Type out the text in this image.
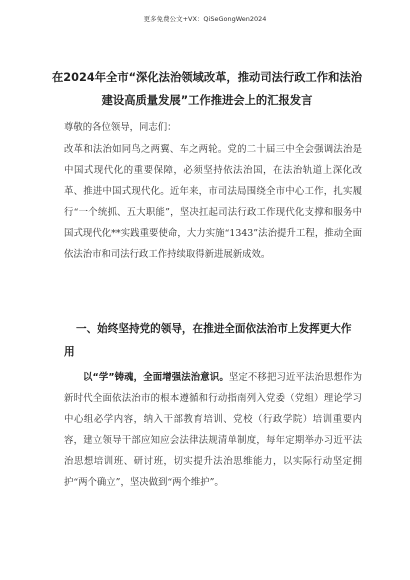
更多免费公文+VX：QiSeGongWen2024
在2024年全市“深化法治领域改革，推动司法行政工作和法治建设高质量发展”工作推进会上的汇报发言
尊敬的各位领导，同志们：
改革和法治如同鸟之两翼、车之两轮。党的二十届三中全会强调法治是中国式现代化的重要保障，必须坚持依法治国，在法治轨道上深化改革、推进中国式现代化。近年来，市司法局围绕全市中心工作，扎实履行“一个统抓、五大职能”，坚决扛起司法行政工作现代化支撑和服务中国式现代化**实践重要使命，大力实施“1343”法治提升工程，推动全面依法治市和司法行政工作持续取得新进展新成效。
一、始终坚持党的领导，在推进全面依法治市上发挥更大作用
以“学”铸魂，全面增强法治意识。坚定不移把习近平法治思想作为新时代全面依法治市的根本遵循和行动指南列入党委（党组）理论学习中心组必学内容，纳入干部教育培训、党校（行政学院）培训重要内容，建立领导干部应知应会法律法规清单制度，每年定期举办习近平法治思想培训班、研讨班，切实提升法治思维能力，以实际行动坚定拥护“两个确立”，坚决做到“两个维护”。
